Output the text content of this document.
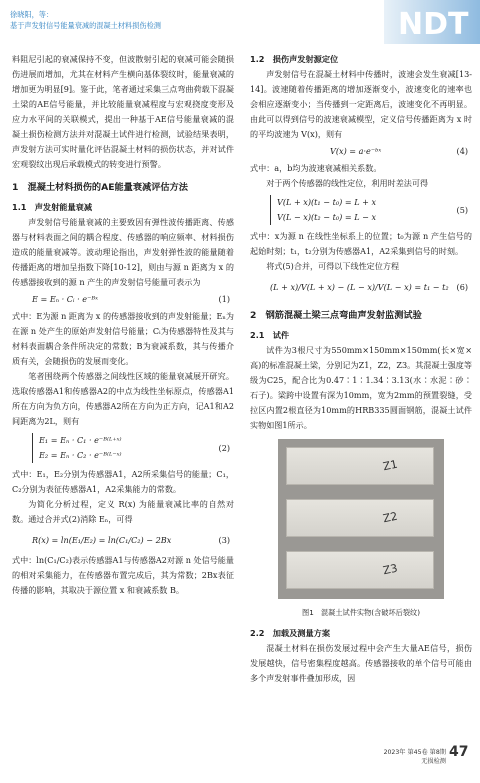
徐晓阳，等：
基于声发射信号能量衰减的混凝土材料损伤检测	NDT

料阻尼引起的衰减保持不变，但波散射引起的衰减可能会随损伤进展而增加，尤其在材料产生横向基体裂纹时，能量衰减的增加更为明显[9]。鉴于此，笔者通过采集三点弯曲荷载下混凝土梁的AE信号能量，并比较能量衰减程度与宏观挠度变形及应力水平间的关联模式，提出一种基于AE信号能量衰减的混凝土损伤检测方法并对混凝土试件进行检测，试验结果表明，声发射方法可实时量化评估混凝土材料的损伤状态，并对试件宏观裂纹出现后承载模式的转变进行预警。

1　混凝土材料损伤的AE能量衰减评估方法
1.1　声发射能量衰减

声发射信号能量衰减的主要致因有弹性波传播距离、传感器与材料表面之间的耦合程度、传感器的响应频率、材料损伤造成的能量衰减等。波动理论指出，声发射弹性波的能量随着传播距离的增加呈指数下降[10-12]，则由与源 n 距离为 x 的传感器接收到的源 n 产生的声发射信号能量可表示为

E = Eₙ · Cᵢ · e⁻ᴮˣ	(1)

式中：E为源 n 距离为 x 的传感器接收到的声发射能量；Eₙ为在源 n 处产生的原始声发射信号能量；Cᵢ为传感器特性及其与材料表面耦合条件所决定的常数；B为衰减系数，其与传播介质有关，会随损伤的发展而变化。

笔者围绕两个传感器之间线性区域的能量衰减展开研究。选取传感器A1和传感器A2的中点为线性坐标原点，传感器A1所在方向为负方向，传感器A2所在方向为正方向，记A1和A2间距离为2L，则有

E₁ = Eₙ · C₁ · e⁻ᴮ⁽ᴸ⁺ˣ⁾
E₂ = Eₙ · C₂ · e⁻ᴮ⁽ᴸ⁻ˣ⁾
(2)

式中：E₁，E₂分别为传感器A1，A2所采集信号的能量；C₁，C₂分别为表征传感器A1，A2采集能力的常数。

为简化分析过程，定义 R(x) 为能量衰减比率的自然对数。通过合并式(2)消除 Eₙ，可得

R(x) = ln(E₁/E₂) = ln(C₁/C₂) − 2Bx	(3)

式中：ln(C₁/C₂)表示传感器A1与传感器A2对源 n 处信号能量的相对采集能力，在传感器布置完成后，其为常数；2Bx表征传播的影响，其取决于源位置 x 和衰减系数 B。

1.2　损伤声发射源定位

声发射信号在混凝土材料中传播时，波速会发生衰减[13-14]。波速随着传播距离的增加逐渐变小，波速变化的速率也会相应逐渐变小；当传播到一定距离后，波速变化不再明显。由此可以得到信号的波速衰减模型，定义信号传播距离为 x 时的平均波速为 V(x)，则有

V(x) = a·e⁻ᵇˣ	(4)

式中：a，b均为波速衰减相关系数。

对于两个传感器的线性定位，利用时差法可得

V(L + x)(t₁ − t₀) = L + x
V(L − x)(t₂ − t₀) = L − x
(5)

式中：x为源 n 在线性坐标系上的位置；t₀为源 n 产生信号的起始时刻；t₁，t₂分别为传感器A1，A2采集到信号的时刻。

将式(5)合并，可得以下线性定位方程

(L + x)/V(L + x) − (L − x)/V(L − x) = t₁ − t₂ (6)
2　钢筋混凝土梁三点弯曲声发射监测试验
2.1　试件

试件为3根尺寸为550mm×150mm×150mm(长×宽×高)的标准混凝土梁，分别记为Z1，Z2，Z3。其混凝土强度等级为C25，配合比为0.47∶1∶1.34∶3.13(水∶水泥∶砂∶石子)。梁跨中设置有深为10mm，宽为2mm的预置裂缝，受拉区内置2根直径为10mm的HRB335圆面钢筋，混凝土试件实物如图1所示。

Z1
Z2
Z3
图1　混凝土试件实物(含破坏后裂纹)
2.2　加载及测量方案

混凝土材料在损伤发展过程中会产生大量AE信号，损伤发展越快，信号密集程度越高。传感器接收的单个信号可能由多个声发射事件叠加形成，因

2023年 第45卷 第8期
无损检测
47
